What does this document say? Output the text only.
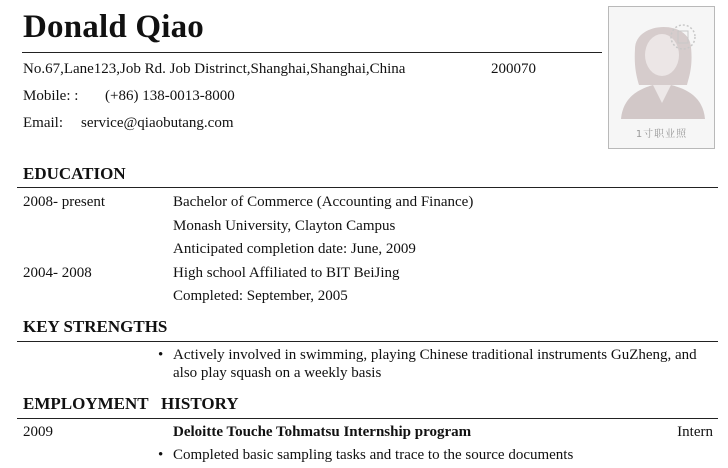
Donald Qiao
No.67,Lane123,Job Rd. Job Distrinct,Shanghai,Shanghai,China	200070
Mobile: : (+86) 138-0013-8000
Email: service@qiaobutang.com
1寸职业照
EDUCATION
2008- present	Bachelor of Commerce (Accounting and Finance)
Monash University, Clayton Campus
Anticipated completion date: June, 2009
2004- 2008	High school Affiliated to BIT BeiJing
Completed: September, 2005
KEY STRENGTHS
• Actively involved in swimming, playing Chinese traditional instruments GuZheng, and
also play squash on a weekly basis
EMPLOYMENT   HISTORY
2009	Deloitte Touche Tohmatsu Internship program	Intern
• Completed basic sampling tasks and trace to the source documents
